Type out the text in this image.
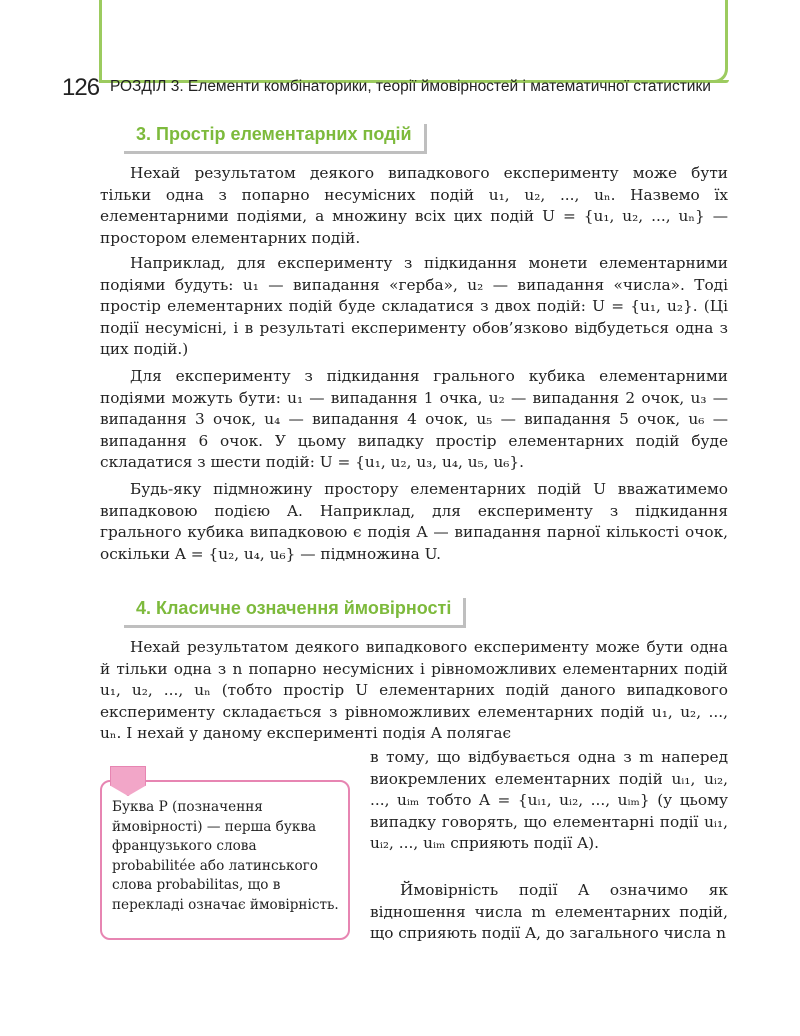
126 РОЗДІЛ 3. Елементи комбінаторики, теорії ймовірностей і математичної статистики
3. Простір елементарних подій

Нехай результатом деякого випадкового експерименту може бути тільки одна з попарно несумісних подій u₁, u₂, ..., uₙ. Назвемо їх елементарними подіями, а множину всіх цих подій U = {u₁, u₂, ..., uₙ} — простором елементарних подій.

Наприклад, для експерименту з підкидання монети елементарними подіями будуть: u₁ — випадання «герба», u₂ — випадання «числа». Тоді простір елементарних подій буде складатися з двох подій: U = {u₁, u₂}. (Ці події несумісні, і в результаті експерименту обов’язково відбудеться одна з цих подій.)

Для експерименту з підкидання грального кубика елементарними подіями можуть бути: u₁ — випадання 1 очка, u₂ — випадання 2 очок, u₃ — випадання 3 очок, u₄ — випадання 4 очок, u₅ — випадання 5 очок, u₆ — випадання 6 очок. У цьому випадку простір елементарних подій буде складатися з шести подій: U = {u₁, u₂, u₃, u₄, u₅, u₆}.

Будь-яку підмножину простору елементарних подій U вважатимемо випадковою подією A. Наприклад, для експерименту з підкидання грального кубика випадковою є подія A — випадання парної кількості очок, оскільки A = {u₂, u₄, u₆} — підмножина U.

4. Класичне означення ймовірності

Нехай результатом деякого випадкового експерименту може бути одна й тільки одна з n попарно несумісних і рівноможливих елементарних подій u₁, u₂, ..., uₙ (тобто простір U елементарних подій даного випадкового експерименту складається з рівноможливих елементарних подій u₁, u₂, ..., uₙ. І нехай у даному експерименті подія A полягає

в тому, що відбувається одна з m наперед виокремлених елементарних подій uᵢ₁, uᵢ₂, ..., uᵢₘ тобто A = {uᵢ₁, uᵢ₂, ..., uᵢₘ} (у цьому випадку говорять, що елементарні події uᵢ₁, uᵢ₂, ..., uᵢₘ сприяють події A).

Ймовірність події A означимо як відношення числа m елементарних подій, що сприяють події A, до загального числа n

Буква P (позначення ймовірності) — перша буква французького слова probabilitée або латинського слова probabilitas, що в перекладі означає ймовірність.
